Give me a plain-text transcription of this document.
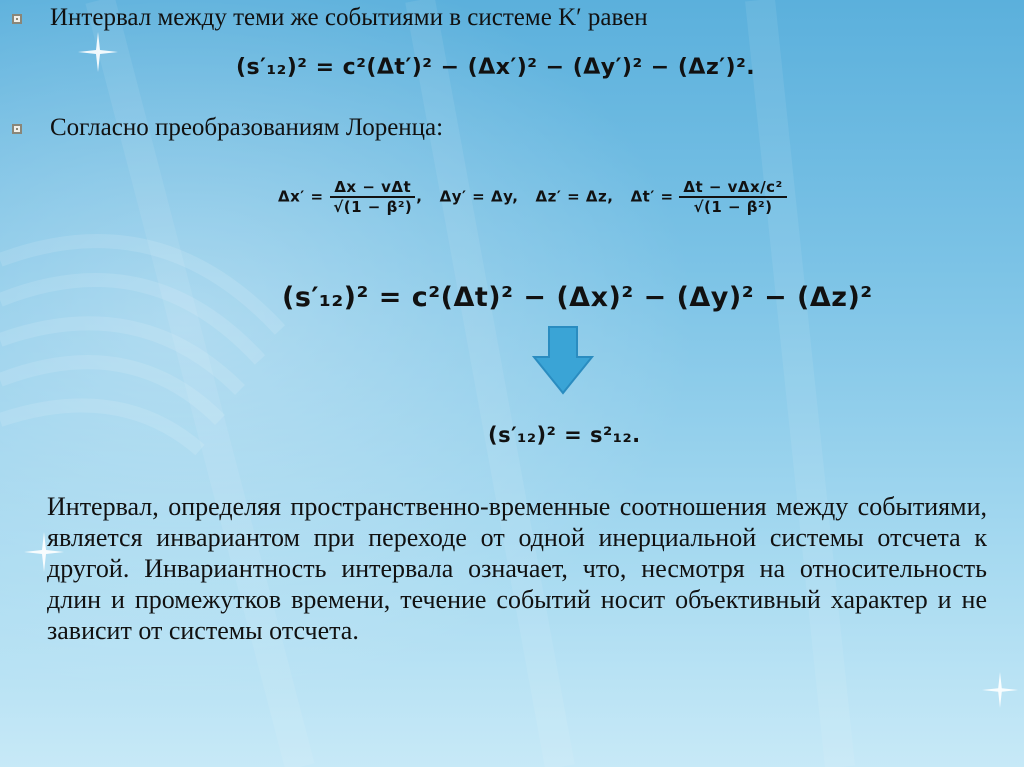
Интервал между теми же событиями в системе K′ равен
(s′₁₂)² = c²(Δt′)² − (Δx′)² − (Δy′)² − (Δz′)².
Согласно преобразованиям Лоренца:
$\Delta x' = \frac{\text{Δx − vΔt}}{\text{√(1 − β²)}}$ ,   Δy′ = Δy,   Δz′ = Δz,   $\Delta t' = \frac{\text{Δt − vΔx/c²}}{\text{√(1 − β²)}}$
(s′₁₂)² = c²(Δt)² − (Δx)² − (Δy)² − (Δz)²
(s′₁₂)² = s²₁₂.
Интервал, определяя пространственно-временные соотношения между событиями, является инвариантом при переходе от одной инерциальной системы отсчета к другой. Инвариантность интервала означает, что, несмотря на относительность длин и промежутков времени, течение событий носит объективный характер и не зависит от системы отсчета.
